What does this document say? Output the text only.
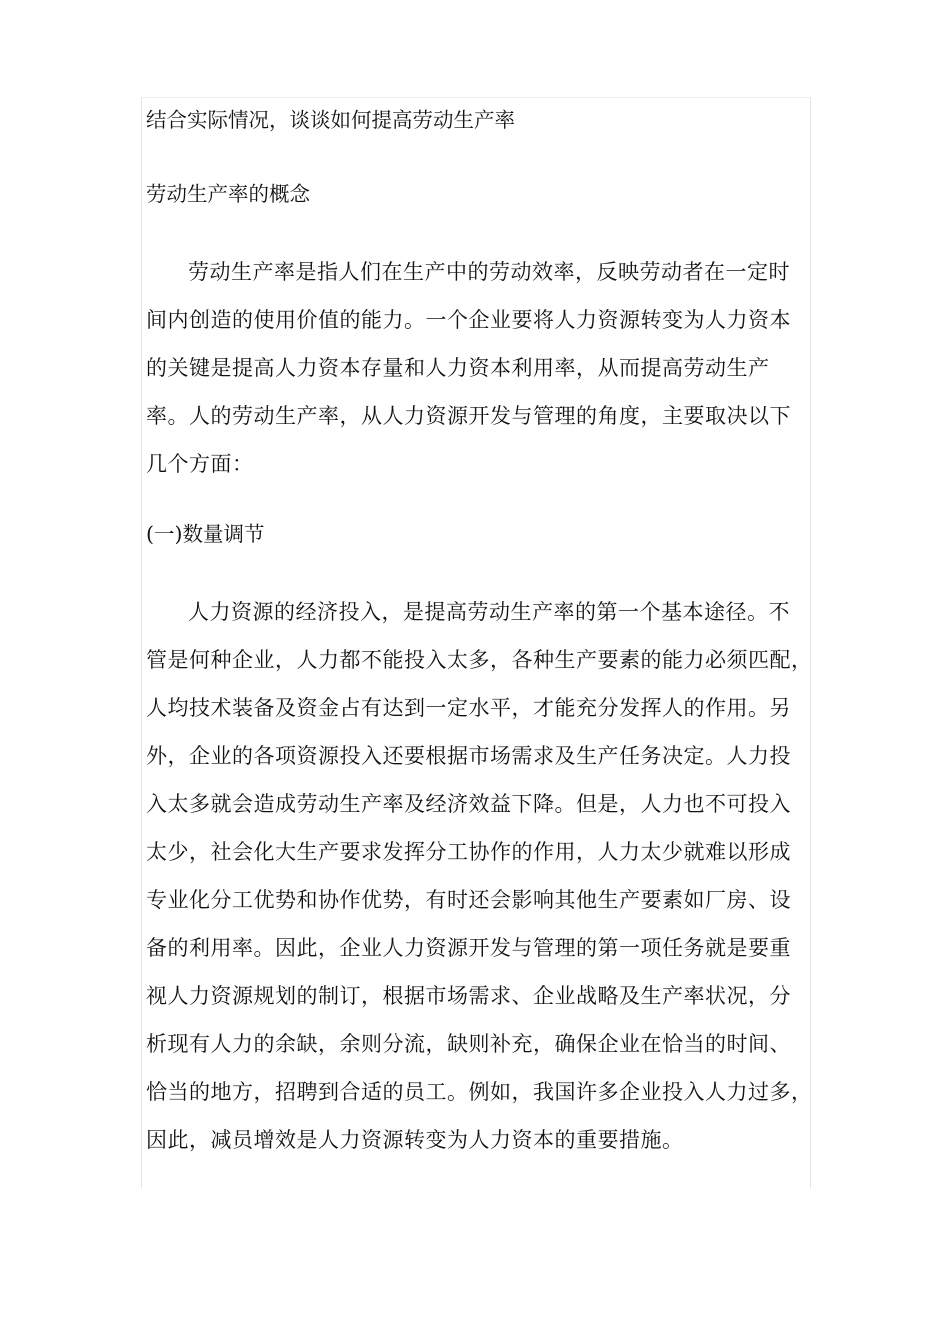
结合实际情况，谈谈如何提高劳动生产率
劳动生产率的概念
劳动生产率是指人们在生产中的劳动效率，反映劳动者在一定时
间内创造的使用价值的能力。一个企业要将人力资源转变为人力资本
的关键是提高人力资本存量和人力资本利用率，从而提高劳动生产
率。人的劳动生产率，从人力资源开发与管理的角度，主要取决以下
几个方面：
(一)数量调节
人力资源的经济投入，是提高劳动生产率的第一个基本途径。不
管是何种企业，人力都不能投入太多，各种生产要素的能力必须匹配，
人均技术装备及资金占有达到一定水平，才能充分发挥人的作用。另
外，企业的各项资源投入还要根据市场需求及生产任务决定。人力投
入太多就会造成劳动生产率及经济效益下降。但是，人力也不可投入
太少，社会化大生产要求发挥分工协作的作用，人力太少就难以形成
专业化分工优势和协作优势，有时还会影响其他生产要素如厂房、设
备的利用率。因此，企业人力资源开发与管理的第一项任务就是要重
视人力资源规划的制订，根据市场需求、企业战略及生产率状况，分
析现有人力的余缺，余则分流，缺则补充，确保企业在恰当的时间、
恰当的地方，招聘到合适的员工。例如，我国许多企业投入人力过多，
因此，减员增效是人力资源转变为人力资本的重要措施。
